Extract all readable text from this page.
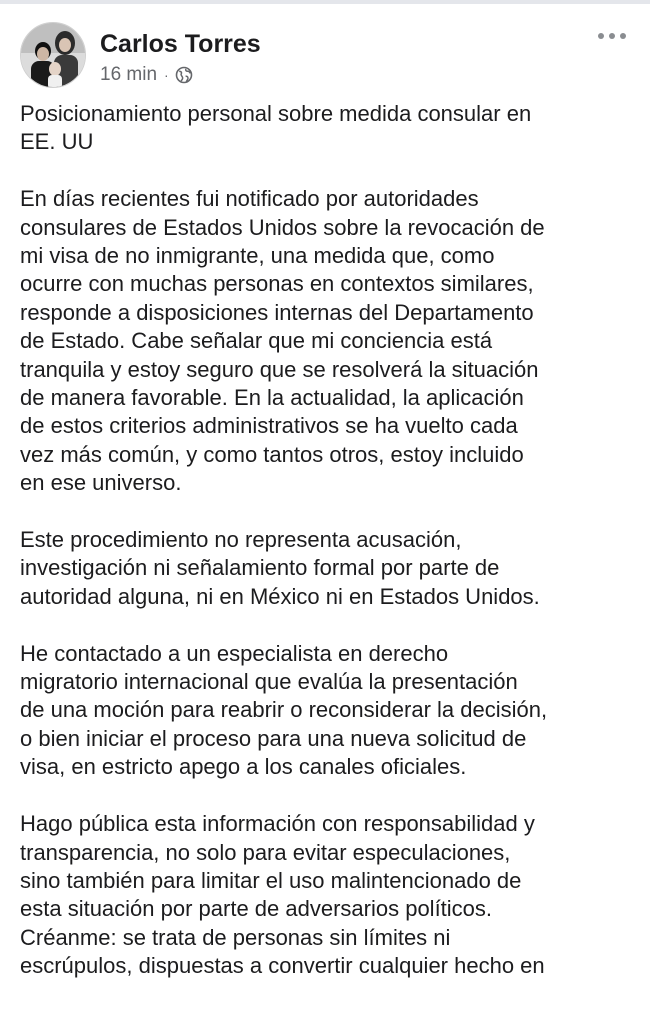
Carlos Torres
16 min ·
Posicionamiento personal sobre medida consular en
EE. UU
En días recientes fui notificado por autoridades
consulares de Estados Unidos sobre la revocación de
mi visa de no inmigrante, una medida que, como
ocurre con muchas personas en contextos similares,
responde a disposiciones internas del Departamento
de Estado. Cabe señalar que mi conciencia está
tranquila y estoy seguro que se resolverá la situación
de manera favorable. En la actualidad, la aplicación
de estos criterios administrativos se ha vuelto cada
vez más común, y como tantos otros, estoy incluido
en ese universo.
Este procedimiento no representa acusación,
investigación ni señalamiento formal por parte de
autoridad alguna, ni en México ni en Estados Unidos.
He contactado a un especialista en derecho
migratorio internacional que evalúa la presentación
de una moción para reabrir o reconsiderar la decisión,
o bien iniciar el proceso para una nueva solicitud de
visa, en estricto apego a los canales oficiales.
Hago pública esta información con responsabilidad y
transparencia, no solo para evitar especulaciones,
sino también para limitar el uso malintencionado de
esta situación por parte de adversarios políticos.
Créanme: se trata de personas sin límites ni
escrúpulos, dispuestas a convertir cualquier hecho en
